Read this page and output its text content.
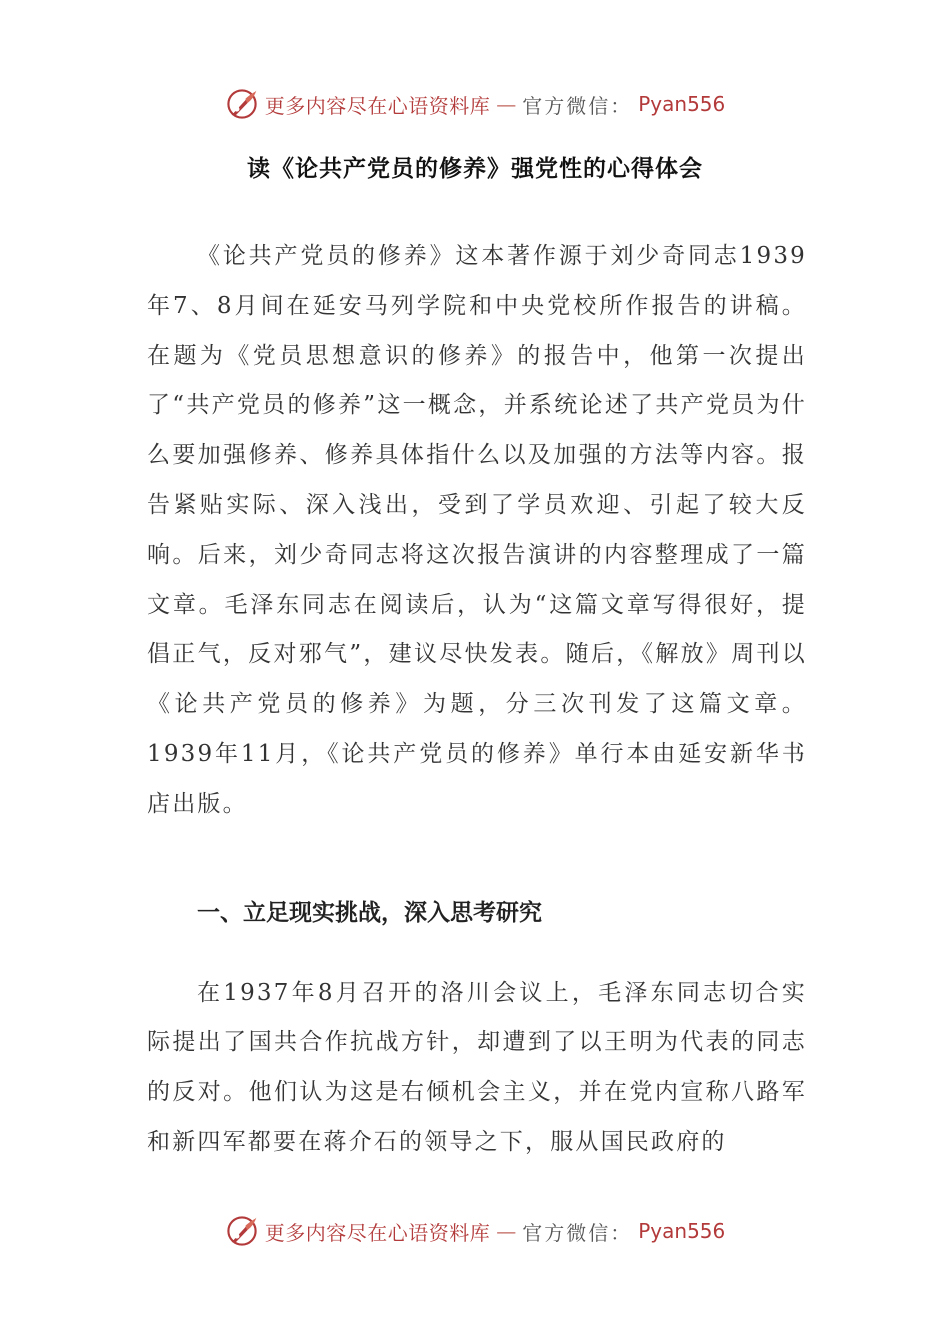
更多内容尽在心语资料库 — 官方微信： Pyan556
读《论共产党员的修养》强党性的心得体会

《论共产党员的修养》这本著作源于刘少奇同志1939年7、8月间在延安马列学院和中央党校所作报告的讲稿。在题为《党员思想意识的修养》的报告中，他第一次提出了“共产党员的修养”这一概念，并系统论述了共产党员为什么要加强修养、修养具体指什么以及加强的方法等内容。报告紧贴实际、深入浅出，受到了学员欢迎、引起了较大反响。后来，刘少奇同志将这次报告演讲的内容整理成了一篇文章。毛泽东同志在阅读后，认为“这篇文章写得很好，提倡正气，反对邪气”，建议尽快发表。随后，《解放》周刊以《论共产党员的修养》为题，分三次刊发了这篇文章。1939年11月，《论共产党员的修养》单行本由延安新华书店出版。

一、立足现实挑战，深入思考研究

在1937年8月召开的洛川会议上，毛泽东同志切合实际提出了国共合作抗战方针，却遭到了以王明为代表的同志的反对。他们认为这是右倾机会主义，并在党内宣称八路军和新四军都要在蒋介石的领导之下，服从国民政府的

更多内容尽在心语资料库 — 官方微信： Pyan556
